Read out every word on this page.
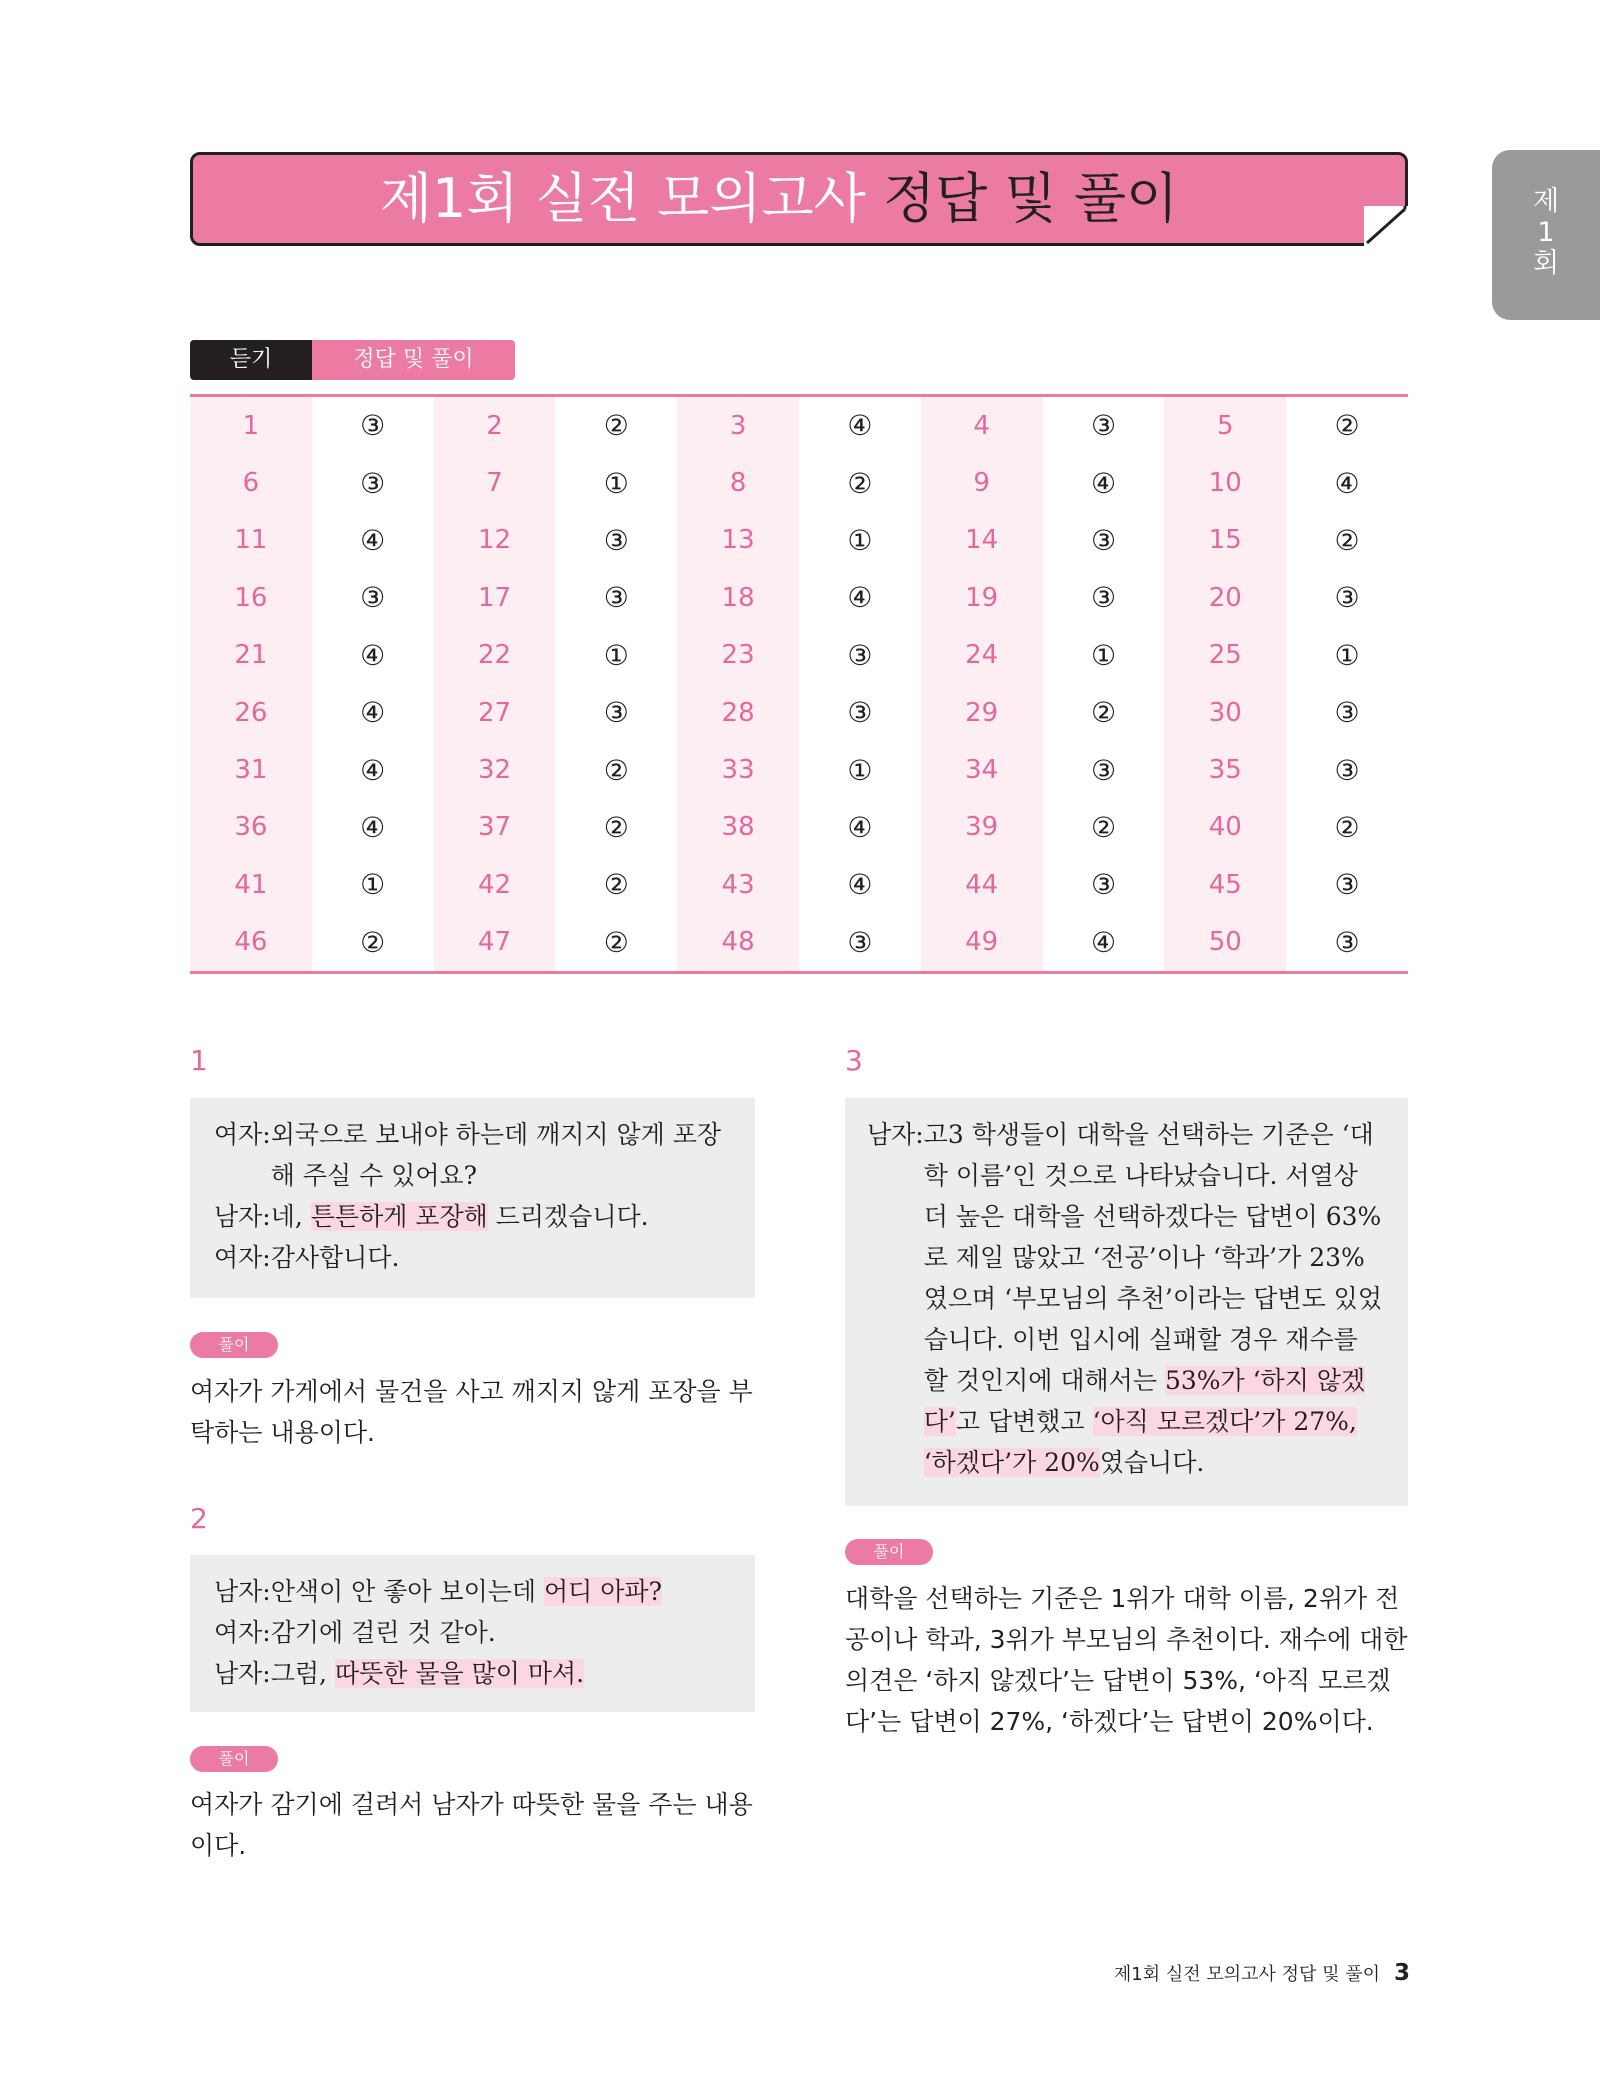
제
1
회
제1회 실전 모의고사 정답 및 풀이
듣기	정답 및 풀이
1	③	2	②	3	④	4	③	5	②
6	③	7	①	8	②	9	④	10	④
11	④	12	③	13	①	14	③	15	②
16	③	17	③	18	④	19	③	20	③
21	④	22	①	23	③	24	①	25	①
26	④	27	③	28	③	29	②	30	③
31	④	32	②	33	①	34	③	35	③
36	④	37	②	38	④	39	②	40	②
41	①	42	②	43	④	44	③	45	③
46	②	47	②	48	③	49	④	50	③
1
여자: 외국으로 보내야 하는데 깨지지 않게 포장해 주실 수 있어요?
남자: 네, 튼튼하게 포장해 드리겠습니다.
여자: 감사합니다.
풀이
여자가 가게에서 물건을 사고 깨지지 않게 포장을 부탁하는 내용이다.
2
남자: 안색이 안 좋아 보이는데 어디 아파?
여자: 감기에 걸린 것 같아.
남자: 그럼, 따뜻한 물을 많이 마셔.
풀이
여자가 감기에 걸려서 남자가 따뜻한 물을 주는 내용이다.
3
남자: 고3 학생들이 대학을 선택하는 기준은 ‘대학 이름’인 것으로 나타났습니다. 서열상 더 높은 대학을 선택하겠다는 답변이 63%로 제일 많았고 ‘전공’이나 ‘학과’가 23%였으며 ‘부모님의 추천’이라는 답변도 있었습니다. 이번 입시에 실패할 경우 재수를 할 것인지에 대해서는 53%가 ‘하지 않겠다’고 답변했고 ‘아직 모르겠다’가 27%, ‘하겠다’가 20%였습니다.
풀이
대학을 선택하는 기준은 1위가 대학 이름, 2위가 전공이나 학과, 3위가 부모님의 추천이다. 재수에 대한 의견은 ‘하지 않겠다’는 답변이 53%, ‘아직 모르겠다’는 답변이 27%, ‘하겠다’는 답변이 20%이다.
제1회 실전 모의고사 정답 및 풀이 3
